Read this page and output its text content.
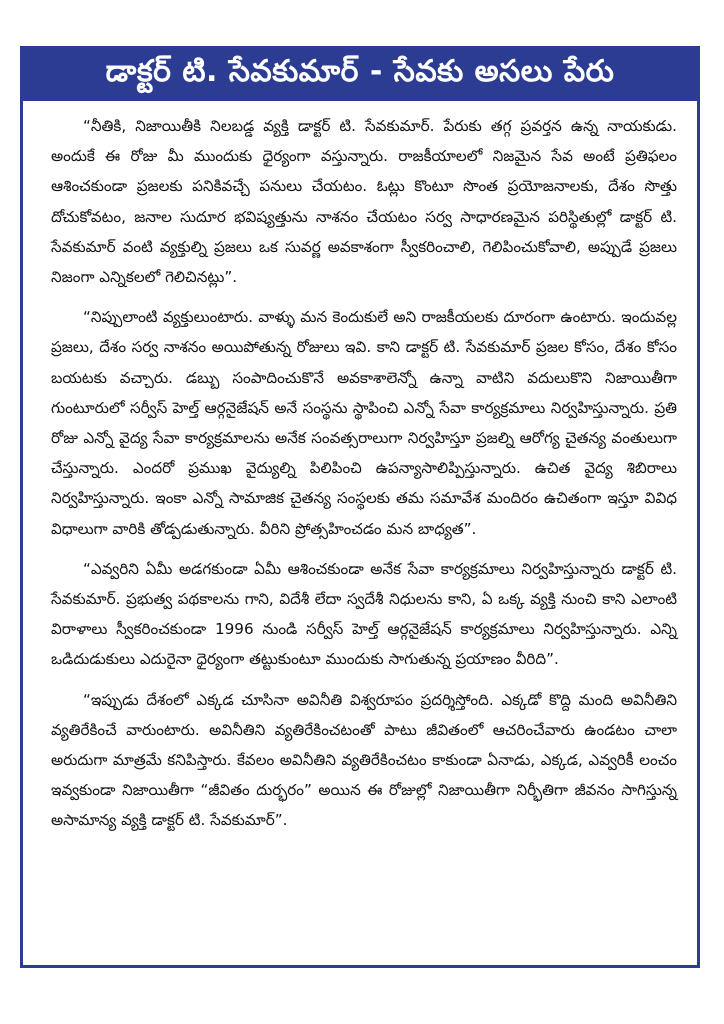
డాక్టర్ టి. సేవకుమార్ - సేవకు అసలు పేరు

“నీతికి, నిజాయితీకి నిలబడ్డ వ్యక్తి డాక్టర్ టి. సేవకుమార్. పేరుకు తగ్గ ప్రవర్తన ఉన్న నాయకుడు. అందుకే ఈ రోజు మీ ముందుకు ధైర్యంగా వస్తున్నారు. రాజకీయాలలో నిజమైన సేవ అంటే ప్రతిఫలం ఆశించకుండా ప్రజలకు పనికివచ్చే పనులు చేయటం. ఓట్లు కొంటూ సొంత ప్రయోజనాలకు, దేశం సొత్తు దోచుకోవటం, జనాల సుదూర భవిష్యత్తును నాశనం చేయటం సర్వ సాధారణమైన పరిస్థితుల్లో డాక్టర్ టి. సేవకుమార్ వంటి వ్యక్తుల్ని ప్రజలు ఒక సువర్ణ అవకాశంగా స్వీకరించాలి, గెలిపించుకోవాలి, అప్పుడే ప్రజలు నిజంగా ఎన్నికలలో గెలిచినట్లు”.

“నిప్పులాంటి వ్యక్తులుంటారు. వాళ్ళు మన కెందుకులే అని రాజకీయలకు దూరంగా ఉంటారు. ఇందువల్ల ప్రజలు, దేశం సర్వ నాశనం అయిపోతున్న రోజులు ఇవి. కాని డాక్టర్ టి. సేవకుమార్ ప్రజల కోసం, దేశం కోసం బయటకు వచ్చారు. డబ్బు సంపాదించుకొనే అవకాశాలెన్నో ఉన్నా వాటిని వదులుకొని నిజాయితీగా గుంటూరులో సర్వీస్ హెల్త్ ఆర్గనైజేషన్ అనే సంస్థను స్థాపించి ఎన్నో సేవా కార్యక్రమాలు నిర్వహిస్తున్నారు. ప్రతి రోజు ఎన్నో వైద్య సేవా కార్యక్రమాలను అనేక సంవత్సరాలుగా నిర్వహిస్తూ ప్రజల్ని ఆరోగ్య చైతన్య వంతులుగా చేస్తున్నారు. ఎందరో ప్రముఖ వైద్యుల్ని పిలిపించి ఉపన్యాసాలిప్పిస్తున్నారు. ఉచిత వైద్య శిబిరాలు నిర్వహిస్తున్నారు. ఇంకా ఎన్నో సామాజిక చైతన్య సంస్థలకు తమ సమావేశ మందిరం ఉచితంగా ఇస్తూ వివిధ విధాలుగా వారికి తోడ్పడుతున్నారు. వీరిని ప్రోత్సహించడం మన బాధ్యత”.

“ఎవ్వరిని ఏమీ అడగకుండా ఏమీ ఆశించకుండా అనేక సేవా కార్యక్రమాలు నిర్వహిస్తున్నారు డాక్టర్ టి. సేవకుమార్. ప్రభుత్వ పథకాలను గాని, విదేశీ లేదా స్వదేశీ నిధులను కాని, ఏ ఒక్క వ్యక్తి నుంచి కాని ఎలాంటి విరాళాలు స్వీకరించకుండా 1996 నుండి సర్వీస్ హెల్త్ ఆర్గనైజేషన్ కార్యక్రమాలు నిర్వహిస్తున్నారు. ఎన్ని ఒడిదుడుకులు ఎదురైనా ధైర్యంగా తట్టుకుంటూ ముందుకు సాగుతున్న ప్రయాణం వీరిది”.

“ఇప్పుడు దేశంలో ఎక్కడ చూసినా అవినీతి విశ్వరూపం ప్రదర్శిస్తోంది. ఎక్కడో కొద్ది మంది అవినీతిని వ్యతిరేకించే వారుంటారు. అవినీతిని వ్యతిరేకించటంతో పాటు జీవితంలో ఆచరించేవారు ఉండటం చాలా అరుదుగా మాత్రమే కనిపిస్తారు. కేవలం అవినీతిని వ్యతిరేకించటం కాకుండా ఏనాడు, ఎక్కడ, ఎవ్వరికీ లంచం ఇవ్వకుండా నిజాయితీగా “జీవితం దుర్భరం” అయిన ఈ రోజుల్లో నిజాయితీగా నిర్భీతిగా జీవనం సాగిస్తున్న అసామాన్య వ్యక్తి డాక్టర్ టి. సేవకుమార్”.
